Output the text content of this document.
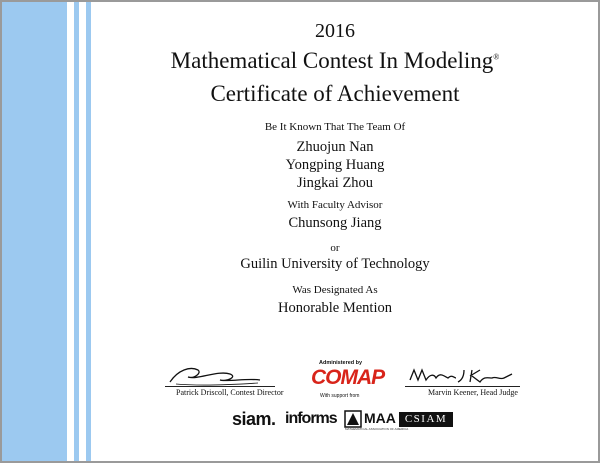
2016
Mathematical Contest In Modeling®
Certificate of Achievement
Be It Known That The Team Of
Zhuojun Nan
Yongping Huang
Jingkai Zhou
With Faculty Advisor
Chunsong Jiang
or
Guilin University of Technology
Was Designated As
Honorable Mention
Patrick Driscoll, Contest Director	Marvin Keener, Head Judge
Administered by
COMAP
With support from
siam. informs MAA
MATHEMATICAL ASSOCIATION OF AMERICA
CSIAM
